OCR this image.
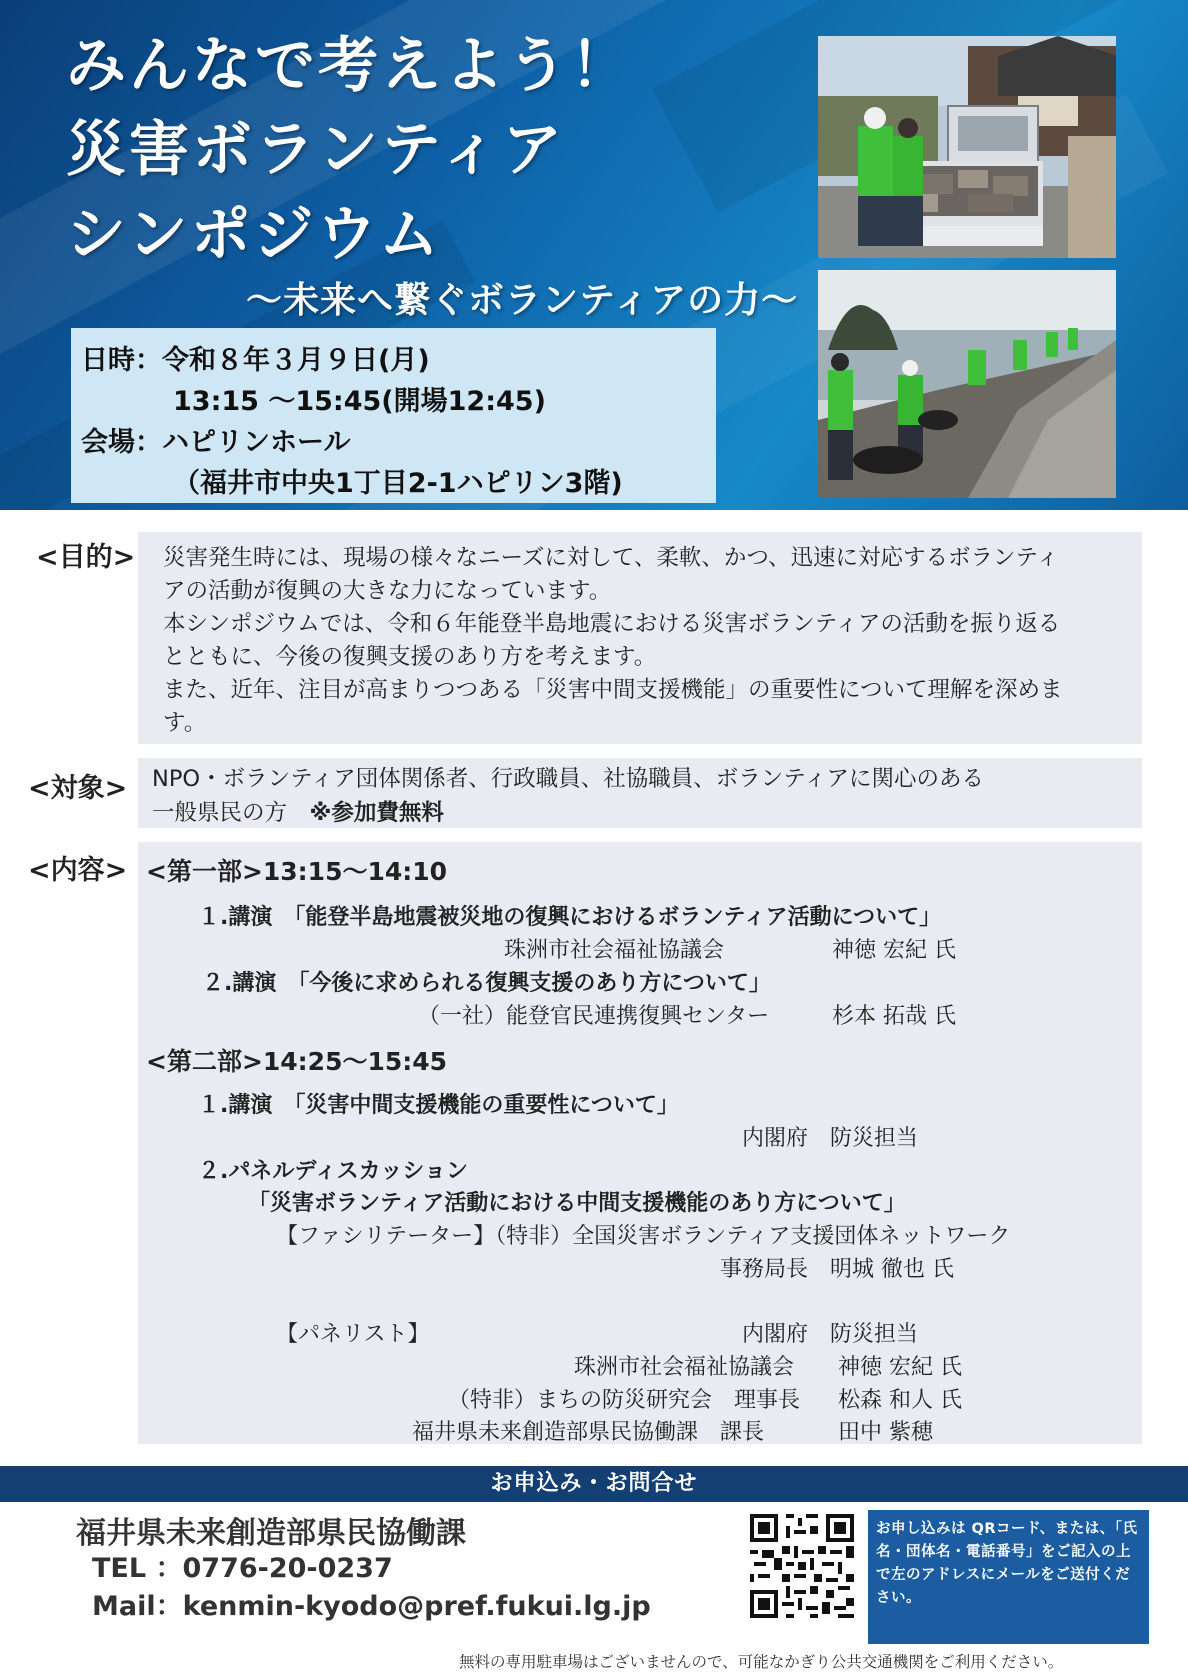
みんなで考えよう！
災害ボランティア
シンポジウム
～未来へ繋ぐボランティアの力～
日時：令和８年３月９日(月)
13:15 ～15:45(開場12:45)
会場：ハピリンホール
（福井市中央1丁目2-1ハピリン3階)
<目的> 災害発生時には、現場の様々なニーズに対して、柔軟、かつ、迅速に対応するボランティ
アの活動が復興の大きな力になっています。
本シンポジウムでは、令和６年能登半島地震における災害ボランティアの活動を振り返る
とともに、今後の復興支援のあり方を考えます。
また、近年、注目が高まりつつある「災害中間支援機能」の重要性について理解を深めま
す。
<対象> NPO・ボランティア団体関係者、行政職員、社協職員、ボランティアに関心のある
一般県民の方　※参加費無料
<内容> <第一部>13:15～14:10
１.講演　「能登半島地震被災地の復興におけるボランティア活動について」
珠洲市社会福祉協議会	神徳 宏紀 氏
２.講演　「今後に求められる復興支援のあり方について」
（一社）能登官民連携復興センター	杉本 拓哉 氏
<第二部>14:25～15:45
１.講演　「災害中間支援機能の重要性について」
内閣府　防災担当
２.パネルディスカッション
「災害ボランティア活動における中間支援機能のあり方について」
【ファシリテーター】（特非）全国災害ボランティア支援団体ネットワーク
事務局長　明城 徹也 氏
【パネリスト】	内閣府　防災担当
珠洲市社会福祉協議会 神徳 宏紀 氏
（特非）まちの防災研究会　理事長 松森 和人 氏
福井県未来創造部県民協働課　課長	田中 紫穂
お申込み・お問合せ
福井県未来創造部県民協働課
TEL ：0776-20-0237
Mail：kenmin-kyodo@pref.fukui.lg.jp
お申し込みは QRコード、または、「氏名・団体名・電話番号」をご記入の上で左のアドレスにメールをご送付ください。
無料の専用駐車場はございませんので、可能なかぎり公共交通機関をご利用ください。
